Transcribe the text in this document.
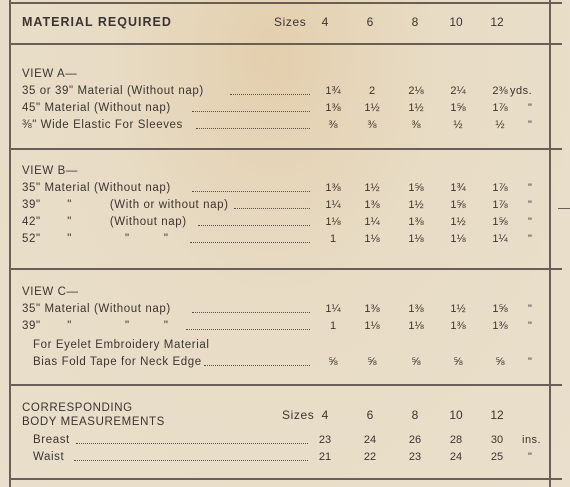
MATERIAL REQUIRED	Sizes	4	6	8	10	12
VIEW A—
35 or 39" Material (Without nap)	1¾	2	2⅛	2¼	2⅜ yds.
45" Material (Without nap)	1⅜	1½	1½	1⅝	1⅞	"
⅜" Wide Elastic For Sleeves	⅜	⅜	⅜	½	½	"
VIEW B—
35" Material (Without nap)	1⅜	1½	1⅝	1¾	1⅞	"
39"       "          (With or without nap)	1¼	1⅜	1½	1⅝	1⅞	"
42"       "          (Without nap)	1⅛	1¼	1⅜	1½	1⅝	"
52"       "              "         "	1	1⅛	1⅛	1⅛	1¼	"
VIEW C—
35" Material (Without nap)	1¼	1⅜	1⅜	1½	1⅝	"
39"       "              "         "	1	1⅛	1⅛	1⅜	1⅜	"
For Eyelet Embroidery Material
Bias Fold Tape for Neck Edge	⅝	⅝	⅝	⅝	⅝	"
CORRESPONDING
BODY MEASUREMENTS	Sizes 4	6	8	10	12
Breast	23	24	26	28	30	ins.
Waist	21	22	23	24	25	"
